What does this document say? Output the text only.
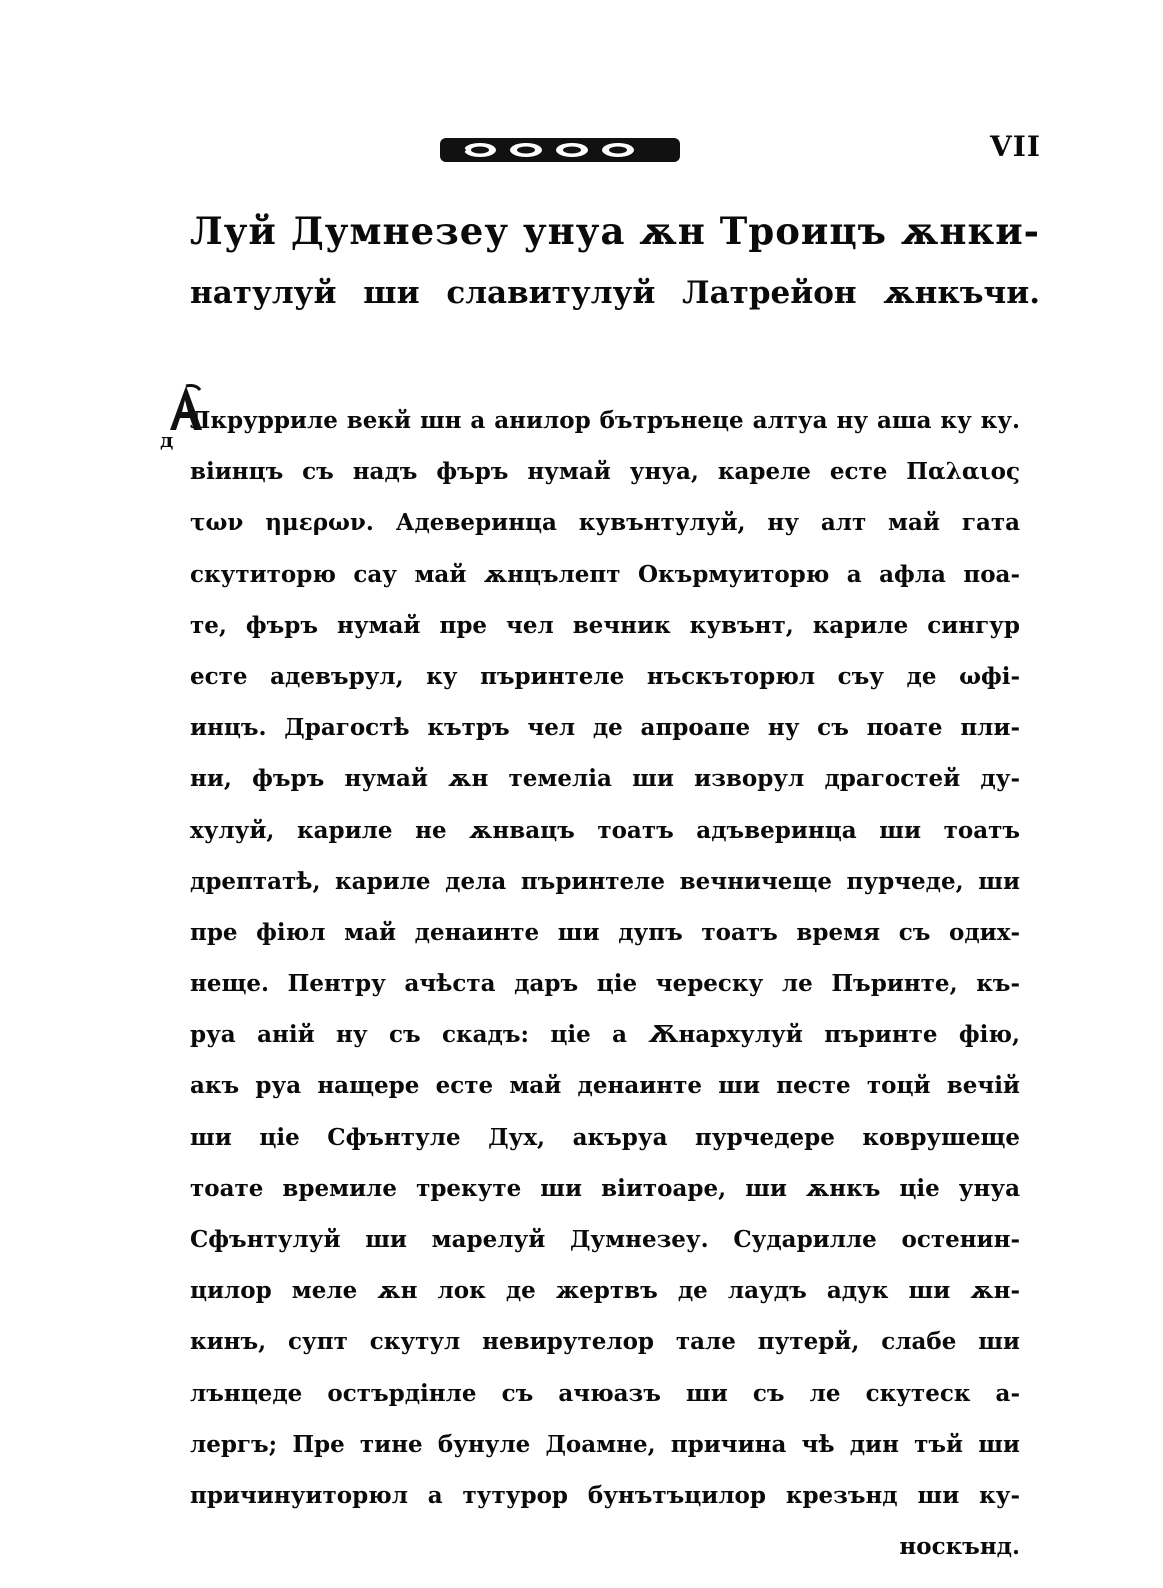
VII
Луй Думнезеу унуа ѫн Троицъ ѫнки-
натулуй ши славитулуй Латрейон ѫнкъчи.
д
Лкрурриле векй шн а анилор бътрънеце алтуа ну аша ку ку.
віинцъ съ надъ фъръ нумай унуа, кареле есте Παλαιος
των ημερων. Адеверинца кувънтулуй, ну алт май гата
скутиторю сау май ѫнцълепт Окърмуиторю а афла поа-
те, фъръ нумай пре чел вечник кувънт, кариле сингур
есте адевърул, ку пъринтеле нъскъторюл съу де ωфі-
инцъ. Драгостѣ кътръ чел де апроапе ну съ поате пли-
ни, фъръ нумай ѫн темеліа ши изворул драгостей ду-
хулуй, кариле не ѫнвацъ тоатъ адъверинца ши тоатъ
дрептатѣ, кариле дела пъринтеле вечничеще пурчеде, ши
пре фіюл май денаинте ши дупъ тоатъ время съ одих-
неще. Пентру ачѣста даръ ціе череску ле Пъринте, къ-
руа аній ну съ скадъ: ціе а Ѫнархулуй пъринте фію,
акъ руа нащере есте май денаинте ши песте тоцй вечій
ши ціе Сфънтуле Дух, акъруа пурчедере коврушеще
тоате времиле трекуте ши віитоаре, ши ѫнкъ ціе унуа
Сфънтулуй ши марелуй Думнезеу. Сударилле остенин-
цилор меле ѫн лок де жертвъ де лаудъ адук ши ѫн-
кинъ, супт скутул невирутелор тале путерй, слабе ши
лънцеде остърдінле съ ачюазъ ши съ ле скутеск а-
лергъ; Пре тине бунуле Доамне, причина чѣ дин тъй ши
причинуиторюл а тутурор бунътъцилор крезънд ши ку-
носкънд.
